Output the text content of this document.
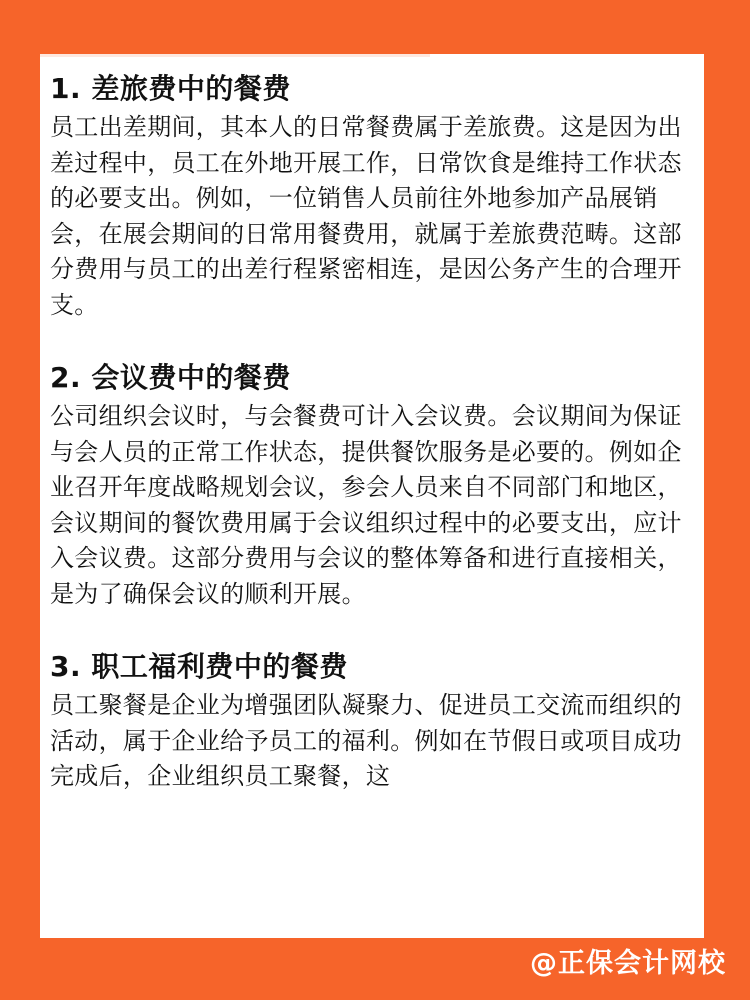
1. 差旅费中的餐费

员工出差期间，其本人的日常餐费属于差旅费。这是因为出差过程中，员工在外地开展工作，日常饮食是维持工作状态的必要支出。例如，一位销售人员前往外地参加产品展销会，在展会期间的日常用餐费用，就属于差旅费范畴。这部分费用与员工的出差行程紧密相连，是因公务产生的合理开支。

2. 会议费中的餐费

公司组织会议时，与会餐费可计入会议费。会议期间为保证与会人员的正常工作状态，提供餐饮服务是必要的。例如企业召开年度战略规划会议，参会人员来自不同部门和地区，会议期间的餐饮费用属于会议组织过程中的必要支出，应计入会议费。这部分费用与会议的整体筹备和进行直接相关，是为了确保会议的顺利开展。

3. 职工福利费中的餐费

员工聚餐是企业为增强团队凝聚力、促进员工交流而组织的活动，属于企业给予员工的福利。例如在节假日或项目成功完成后，企业组织员工聚餐，这

@正保会计网校
